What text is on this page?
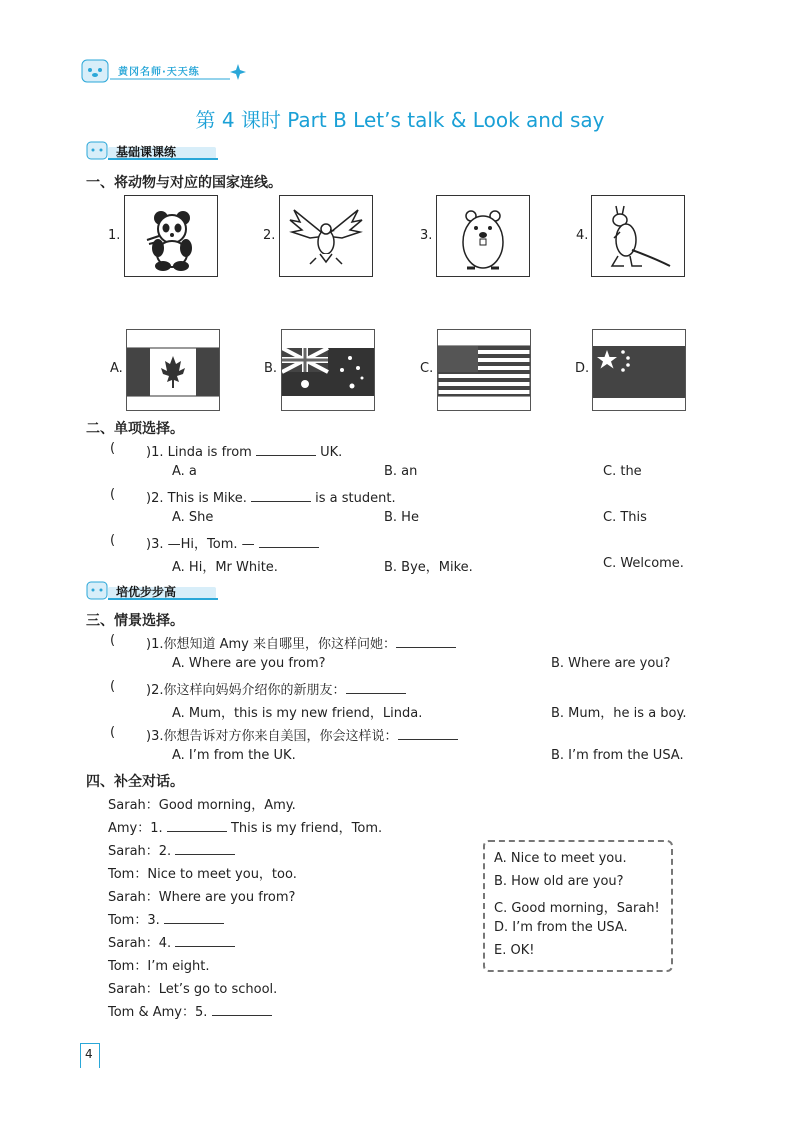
黄冈名师·天天练
第 4 课时 Part B Let’s talk & Look and say
基础课课练
一、将动物与对应的国家连线。
1.	2.	3.	4.
A.	B.	C.	D.
二、单项选择。
( )1. Linda is from	UK.
A. a	B. an	C. the
( )2. This is Mike.	is a student.
A. She	B. He	C. This
( )3. —Hi，Tom. —
A. Hi，Mr White.	B. Bye，Mike.	C. Welcome.
培优步步高
三、情景选择。
( )1.你想知道 Amy 来自哪里，你这样问她：
A. Where are you from?	B. Where are you?
( )2.你这样向妈妈介绍你的新朋友：
A. Mum，this is my new friend，Linda.	B. Mum，he is a boy.
( )3.你想告诉对方你来自美国，你会这样说：
A. I’m from the UK.	B. I’m from the USA.
四、补全对话。
Sarah：Good morning，Amy.
Amy：1.	This is my friend，Tom.
Sarah：2.
Tom：Nice to meet you，too.
Sarah：Where are you from?
Tom：3.
Sarah：4.
Tom：I’m eight.
Sarah：Let’s go to school.
Tom & Amy：5.
A. Nice to meet you.
B. How old are you?
C. Good morning，Sarah!
D. I’m from the USA.
E. OK!
4
